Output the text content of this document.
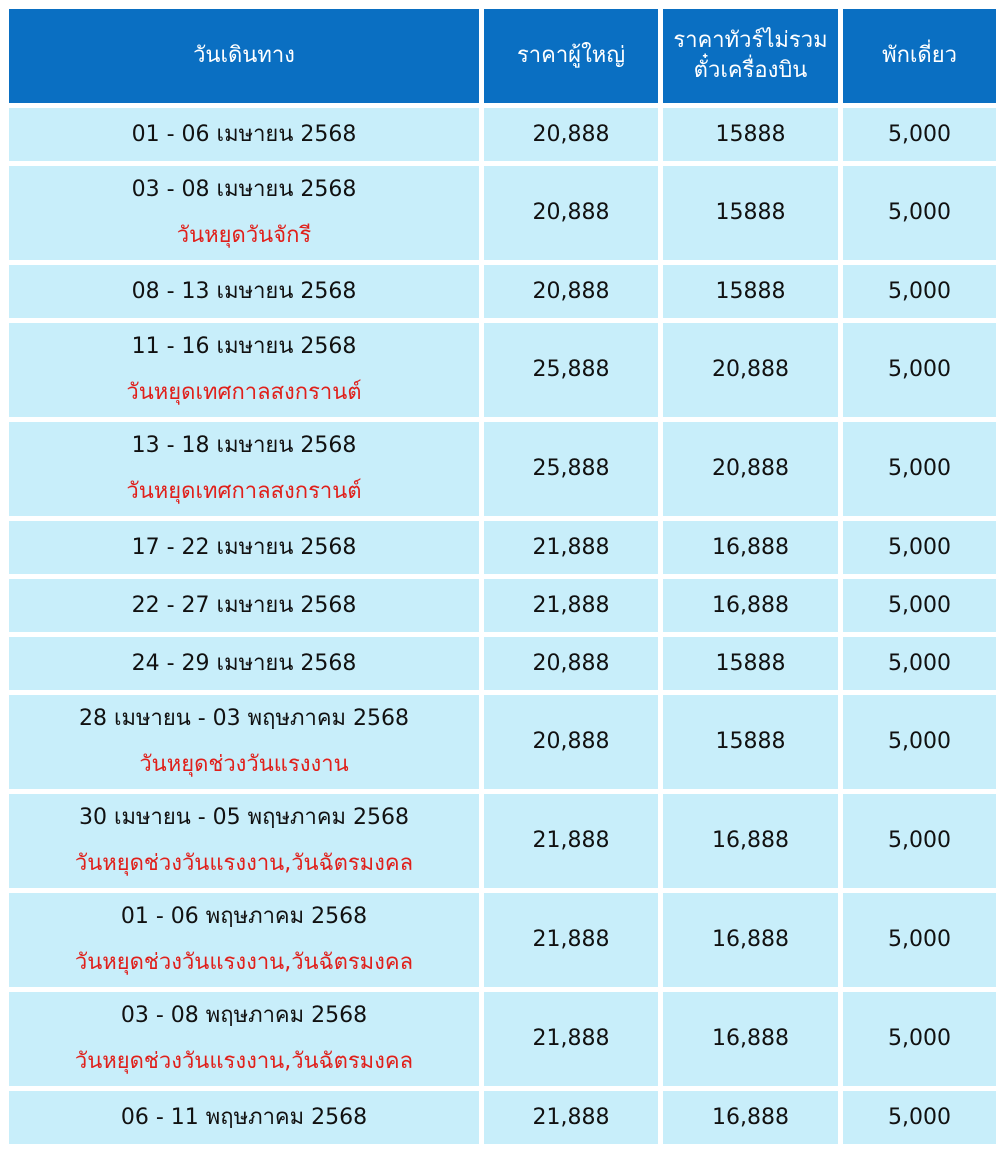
วันเดินทาง	ราคาผู้ใหญ่	ราคาทัวร์ไม่รวม
ตั๋วเครื่องบิน	พักเดี่ยว

01 - 06 เมษายน 2568	20,888	15888	5,000

03 - 08 เมษายน 2568
วันหยุดวันจักรี	20,888	15888	5,000

08 - 13 เมษายน 2568	20,888	15888	5,000

11 - 16 เมษายน 2568
วันหยุดเทศกาลสงกรานต์	25,888	20,888	5,000

13 - 18 เมษายน 2568
วันหยุดเทศกาลสงกรานต์	25,888	20,888	5,000

17 - 22 เมษายน 2568	21,888	16,888	5,000

22 - 27 เมษายน 2568	21,888	16,888	5,000

24 - 29 เมษายน 2568	20,888	15888	5,000

28 เมษายน - 03 พฤษภาคม 2568
วันหยุดช่วงวันแรงงาน	20,888	15888	5,000

30 เมษายน - 05 พฤษภาคม 2568
วันหยุดช่วงวันแรงงาน,วันฉัตรมงคล	21,888	16,888	5,000

01 - 06 พฤษภาคม 2568
วันหยุดช่วงวันแรงงาน,วันฉัตรมงคล	21,888	16,888	5,000

03 - 08 พฤษภาคม 2568
วันหยุดช่วงวันแรงงาน,วันฉัตรมงคล	21,888	16,888	5,000

06 - 11 พฤษภาคม 2568	21,888	16,888	5,000
